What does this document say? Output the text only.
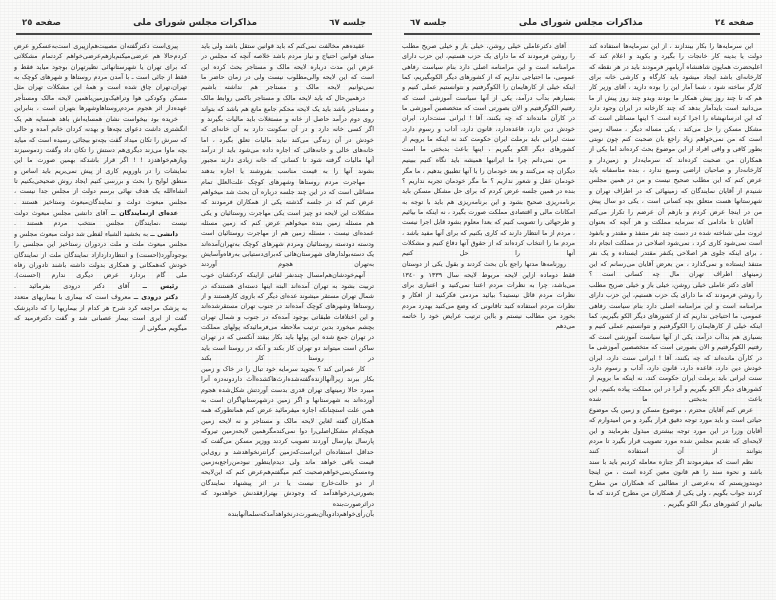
صفحه ٢٤
مذاکرات مجلس شورای ملی
جلسه ٦٧

این سرمایه‌ها را بکار بیندازند ، از این سرمایه‌ها استفاده کند دولت یا بدینه کار خانجات را بگیرد و بکوید و اعلام کند که اعلیحضرت همایون شاهنشاه آریامهر فرمودند باید در هر نقطه که کارخانه‌ای باشد ایجاد میشود باید کارگاه و کارشی خانه برای کارگر ساخته شود ، شما آمار این را بوده دارید ، آقای وزیر کار هم که تا چند روز پیش همکار ما بودند ویدو چند روز پیش از ما می‌دانید است بایدآمار بدهد که چند کارخانه در ایران وجود دارد که این ادرسانهشاه را اجرا کرده است ؟ اینها مسائلی است که مشکل مسکن را حل می‌کند ، یکی مساله دیگر ، مساله زمین است که من نمی‌خواهم زیاد راجع بان صحبت کنم چون نوبتی بطور کافی و وافی افراد از این موضوع بحث کرده‌اند اما یکی از همکاران من صحبت کرده‌اند که سرمایه‌دار و زمین‌دار و کارخانه‌دار و صاحبان اراضی وسیع ندارد ، بنده متاسفانه باید عرض کنم که این مطلب صحیح نیست و من در همین مجلس شنیدم از آقایان نمایندگان که زمینهائی که در اطراف تهران و شهرستانها هست متعلق بچه کسانی است ، یکی دو سال پیش من در اینجا عرض کردم و بازهم آن عرضم را تکرار می‌کنم

آقایان تا مادامی که سرمایه مملکت و هر آنچه که بعنوان ثروت ملی شناخته شده در دست چند نفر متنفذ و مقتدر و بانفوذ است نمی‌شود کاری کرد ، نمی‌شود اصلاحی در مملکت انجام داد ، برای اینکه جلوی هر اصلاحی یکنفر مقتدر ایستاده و یک نفر متنفذ ایستاده و نمی‌گذارد ، من بعرض آقایان می‌رسانم که این زمینهای اطراف تهران مال چه کسانی است ؟

آقای دکتر عاملی خیلی روشن، خیلی باز و خیلی صریح مطلب را روشن فرمودند که ما دارای یک حزب هستیم، این حزب دارای مرامنامه است و این مرامنامه اصلی دارد بنام سیاست رفاهی عمومی، ما احتیاجی نداریم که از کشورهای دیگر الکو بگیریم، کما اینکه خیلی از کارهایمان را الکوگرفتیم و نتوانستیم عملی کنیم و بسیاری هم بداآب درآمد، یکی از آنها سیاست آموزشی است که رفتیم الکوگرفتیم و الان بصورتی است که متخصصین آموزشی ما در کارآن مانده‌اند که چه بکنند، آقا ! ایرانی سنت دارد، ایران خودش دین دارد، قاعده دارد، قانون دارد، آداب و رسوم دارد، سنت ایرانی باید برملت ایران حکومت کند، نه اینکه ما برویم از کشورهای دیگر الکو بگیریم و آنرا در این مملکت پیاده بکنیم، این باعث بدبختی ما شده

عرض کنم آقایان محترم ، موضوع مسکن و زمین یک موضوع حیاتی است و باید مورد توجه دقیق قرار بگیرد و من امیدوارم که آقایان وزرا در این مورد توجه بیشتری مبذول بفرمایند و این لایحه‌ای که تقدیم مجلس شده مورد تصویب قرار بگیرد تا مردم بتوانند از آن استفاده کنند

نظم است که میفرمودند اگر جنازه معامله کردیم باید با سند باشد و نحوه سند را هم قانون معین کرده است ، من اینجا دوبندوزیستم که به‌عرضی از مطالبی که همکاران من مطرح کردند جواب بگویم ، ولی یکی از همکاران من مطرح کردند که ما بیائیم از کشورهای دیگر الکو بگیریم .

آقای دکترعاملی خیلی روشن، خیلی باز و خیلی صریح مطلب را روشن فرمودند که ما دارای یک حزب هستیم، این حزب دارای مرامنامه است و این مرامنامه اصلی دارد بنام سیاست رفاهی عمومی، ما احتیاجی نداریم که از کشورهای دیگر الکوبگیریم، کما اینکه خیلی از کارهایمان را الکوگرفتیم و نتوانستیم عملی کنیم و بسیارهم بدآب درآمد، یکی از آنها سیاست آموزشی است که رفتیم الکوگرفتیم و الان بصورتی است که متخصصین آموزشی ما در کارآن مانده‌اند که چه بکنند، آقا ! ایرانی سنت‌دارد، ایران خودش دین دارد، قاعده‌دارد، قانون دارد، آداب و رسوم دارد، سنت ایرانی باید برملت ایران حکومت کند نه اینکه ما برویم از کشورهای دیگر الکو بگیریم ، اینها باعث بدبختی ما است

من نمی‌دانم چرا ما ایرانیها همیشه باید نگاه کنیم ببینیم دیگران چه می‌کنند و بعد خودمان را با آنها تطبیق بدهیم ، ما مگر خودمان عقل و شعور نداریم ؟ ما مگر خودمان تجربه نداریم ؟ بنده در همین جلسه عرض کردم که برای حل مشکل مسکن باید برنامه‌ریزی صحیح بشود و این برنامه‌ریزی هم باید با توجه به امکانات مالی و اقتصادی مملکت صورت بگیرد ، نه اینکه ما بیائیم و طرحهائی را تصویب کنیم که بعدا معلوم بشود قابل اجرا نیست ، مردم از ما انتظار دارند که کاری بکنیم که برای آنها مفید باشد ، مردم ما را انتخاب کرده‌اند که از حقوق آنها دفاع کنیم و مشکلات آنها را حل کنیم

روزنامه‌ها مدتها راجع بآن بحث کردند و بقول یکی از دوستان فقط دوماده ازاین لایحه مربوط لایحه سال ١٣٣٩ و ١٣٤٠ می‌باشد، چرا به نظرات مردم اعتنا نمی‌کنید و اعتباری برای نظرات مردم قائل نیستید؟ بیائید مردمی فکرکنید از افکار و نظرات مردم استفاده کنید تاقانونی که وضع می‌کنید بهدرد مردم بخورد من مطالب نیستم و بااین ترتیب عرایض خود را خاتمه می‌دهم

جلسه ٦٧
مذاکرات مجلس شورای ملی
صفحه ٢٥

عقیده‌هم مخالفت نمی‌کنم که باید قوانین ستقل باشد ولی باید مبنای قوانین احتیاج و نیاز مردم باشد خلاصه آنچه که مجلس در عرض این مدت درباره لایحه مالک و مستاجر بحث کرده این است که این لایحه والی‌مطلوب نیست ولی در زمان حاضر ما نمی‌توانیم لایحه مالک و مستاجر هم نداشته باشیم

درهمین‌حال که باید لایحه مالک و مستاجر باکمی روابط مالک و مستاجر باشد باید یک لایحه محکم جامع مانع هم باشد که بتواند روی دوم درآمد حاصل از خانه و مستغلات باید مالیات بگیرند و اگر کسی خانه دارد و در آن سکونت دارد به آن خانه‌ای که خودش در آن زندگی می‌کند نباید مالیات تعلق بگیرد ، اما خانه‌های خالی و خانه‌هائی که اجاره داده می‌شود باید از درآمد آنها مالیات گرفته شود تا کسانی که خانه زیادی دارند مجبور بشوند آنها را به قیمت مناسب بفروشند یا اجاره بدهند

مهاجرت مردم روستاها وشهرهای کوچک علت‌العلل تمام مسائلی است که در این چند جلسه درباره آن بحث شد میخواهم عرض کنم که در جلسه گذشته یکی از همکاران فرمودند که مشکلات این لایحه دو چیز است یکی مهاجرت روستائیان و یکی هم مسئله زمین بنده میخواهم عرض کنم که زمین مسئله عمده‌ای نیست ، مسئله زمین هم از مهاجرت روستائیان است ودسته دودسته روستائیان ومردم شهرهای کوچک به‌تهران‌آمده‌اند یک دسته‌بولدارهای شهرستان‌هائی که‌برای‌دستیابی به‌رفاه‌وآسایش به‌تهران هجوم آوردند

آنهم‌خودشان‌هم‌امسال چندنفر لفاتی ازاینکه کردکشان خوب تربیت بشود به تهران آمده‌اند البته اینها دسته‌ای هستندکه در شمال تهران مستقر میشوند عده‌ای دیگر که بازوی کارهستند و از روستاها وشهرهای کوچک آمده‌اند در جنوب تهران مستقرشده‌اند و این اختلافات طبقاتی بوجود آمده‌که در جنوب و شمال تهران بچشم میخورد بدین ترتیب ملاحظه می‌فرمائیدکه پولهای مملکت در تهران جمع شده این پولها باید بکار بیفتد آنکسی که در تهران ساکن است میتواند دو تهران کار بکند و آنکه در روستا است باید در روستا کار بکند

کار عمرانی کند ؟ بجوید سرمایه خود تبال را در خاک و زمین بکار ببرند زیراآنهاازنده‌گفته‌شده‌ارث‌هاکشده‌اآث داردونه‌دزه آنرا میبرد حالا زمینهای تهران قدری بدست آوردتش شکل‌شده هجوم آورده‌اند به شهرستانها و اگر زمین درشهرستانهاگران است به همن علت استچنانکه اجازه میفرمائید عرض کنم همانطورکه همه همکاران گفته لغاین لایحه مالک و مستاجر و نه لایحه زمین هیچکدام مشکل‌اصلی‌را دوا نمی‌کندمگرهمین لایحه‌زمین تیروکه پارسال بپارسال آوردند تصویب کردند ووزیر مسکن می‌گفت که حداقل استفاده‌ان این‌است‌که‌زمین گرانترنخواهدشد و روی‌این قیمت باقی خواهد ماند ولی دیدم‌اینطور نبودمن‌راجع‌به‌زمین وه‌مسکن‌نمی‌خواهم‌صحبت کنم میگفتم‌هم‌عرض کنم که این‌لایحه از دو حالت‌خارج نیست یا در اثر پیشنهاد نمایندگان بصورتی‌درخواهدآمد که وجودش بهترازفقدنش خواهدبود که دراثر‌صورت‌بنده بآن‌رأی‌خواهم‌دادویاآن‌بصورت‌درنخواهدآمدکه‌سلماآنها‌بنده

پیری‌است دکترگفته‌ان مصیبت‌هم‌ازپیری است‌به‌عسکرو عرض کردم‌حالا هم عرضی‌میکنم‌بازهم‌عرضی‌خواهم کردتمام مشکلاتی که برای تهران یا شهرستانهائی نظیرتهران بوجود میاید فقط و فقط از جائی است ـ با آمدن مردم روستاها و شهرهای کوچک به تهران،تهران چاق شده است و همهٔ این مشکلات تهران مثل مسکن وکودکی هوا وترافیک‌وزمین‌باهمین لایحه مالک ومستأجر عهده‌دار اثر هجوم مردم‌روستا‌ها‌وشهرها بتهران است ، بنابراین

خریده بود بیخواست نشان همسایه‌اش با‌هد همسایه هم یک انگشتری داشت دعوای بچه‌ها و بهدنه کردان خانم آمده و حالی که سرش را تکان میداد گفت بچه‌تو بیجائی رسیده است که میاید بچه ماوا می‌زند دیگری‌هم دستش را تکان داد وگفت زدموسیزند ویازهم‌خواهدزد ! ! اگر قرار باشدکه بهمین صورت ما این نمایشات را در باورویم کاری از پیش نمی‌بریم باید اساس و منطق لوایح را بحث و بررسی کنیم ایجاد روش صحیحی‌بکنیم تا انشاءالله یک هدف نهائی برسم دولت از مجلس جدا نیست ، مجلس مبعوث دولت و نمایندگان‌مبعوث وستاخیز هستند .

عده‌ای ازنمایندگان ــ آقای دانشی مجلس مبعوث دولت نیست ،نمایندگان مجلس منتخب مردم هستند .

دانشی ــ به بخشید الشباء لفظی شد دولت مبعوث مجلس و مجلس مبعوث ملت و ملت دردوران رستاخیز این مجلسی را بوجودآورد(احسنت) و انتظارداردازاد نمایندگان ملت از نمایندگان خودش که‌همکانی و همکاری بدولت داشته باشند تادوران رفاه ملی گام بردارد عرض دیگری ندارم (احسنت).

رئیس ــ آقای دکتر درودی بفرمائید .

دکتر درودی ــ معروف است که بیماری با بیماریهای متعدد به پزشک مراجعه کرد شرح هر کدام از بیماریها را که دادپزشک گفت از ایری است بیمار عصبانی شد و گفت دکترفرمید که میگویم میگوئی از
